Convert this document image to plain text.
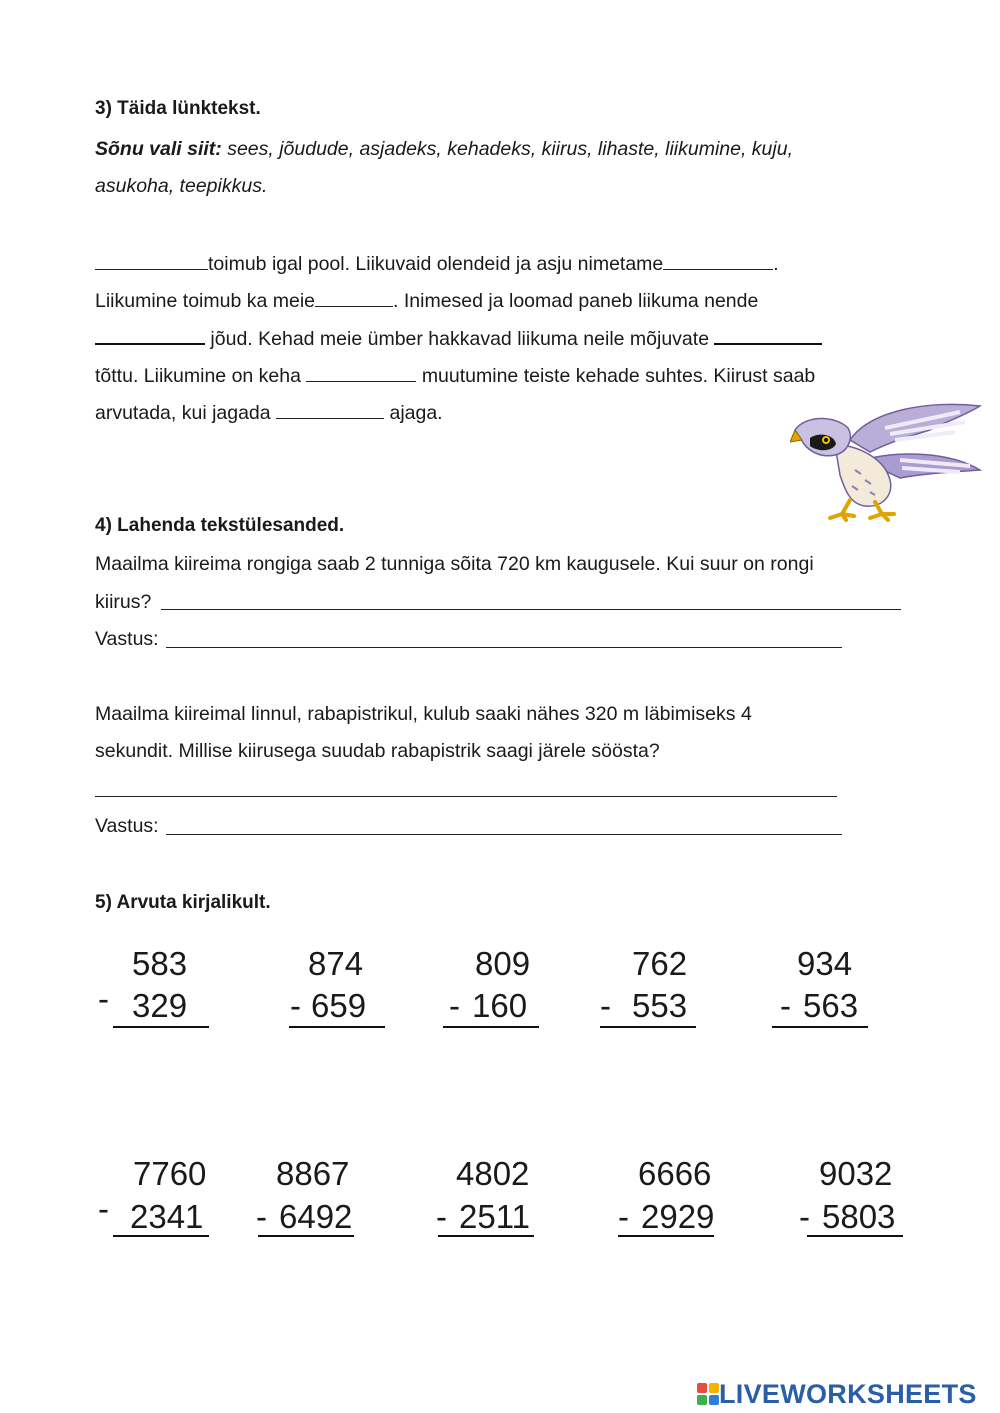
3) Täida lünktekst.
Sõnu vali siit: sees, jõudude, asjadeks, kehadeks, kiirus, lihaste, liikumine, kuju,
asukoha, teepikkus.
toimub igal pool. Liikuvaid olendeid ja asju nimetame	.
Liikumine toimub ka meie	. Inimesed ja loomad paneb liikuma nende
jõud. Kehad meie ümber hakkavad liikuma neile mõjuvate
tõttu. Liikumine on keha	muutumine teiste kehade suhtes. Kiirust saab
arvutada, kui jagada	ajaga.
4) Lahenda tekstülesanded.
Maailma kiireima rongiga saab 2 tunniga sõita 720 km kaugusele. Kui suur on rongi
kiirus?
Vastus:
Maailma kiireimal linnul, rabapistrikul, kulub saaki nähes 320 m läbimiseks 4
sekundit. Millise kiirusega suudab rabapistrik saagi järele söösta?
Vastus:
5) Arvuta kirjalikult.
583
- 329
874
- 659
809
- 160
762
- 553
934
- 563
7760
- 2341
8867
- 6492
4802
- 2511
6666
- 2929
9032
- 5803
LIVEWORKSHEETS
